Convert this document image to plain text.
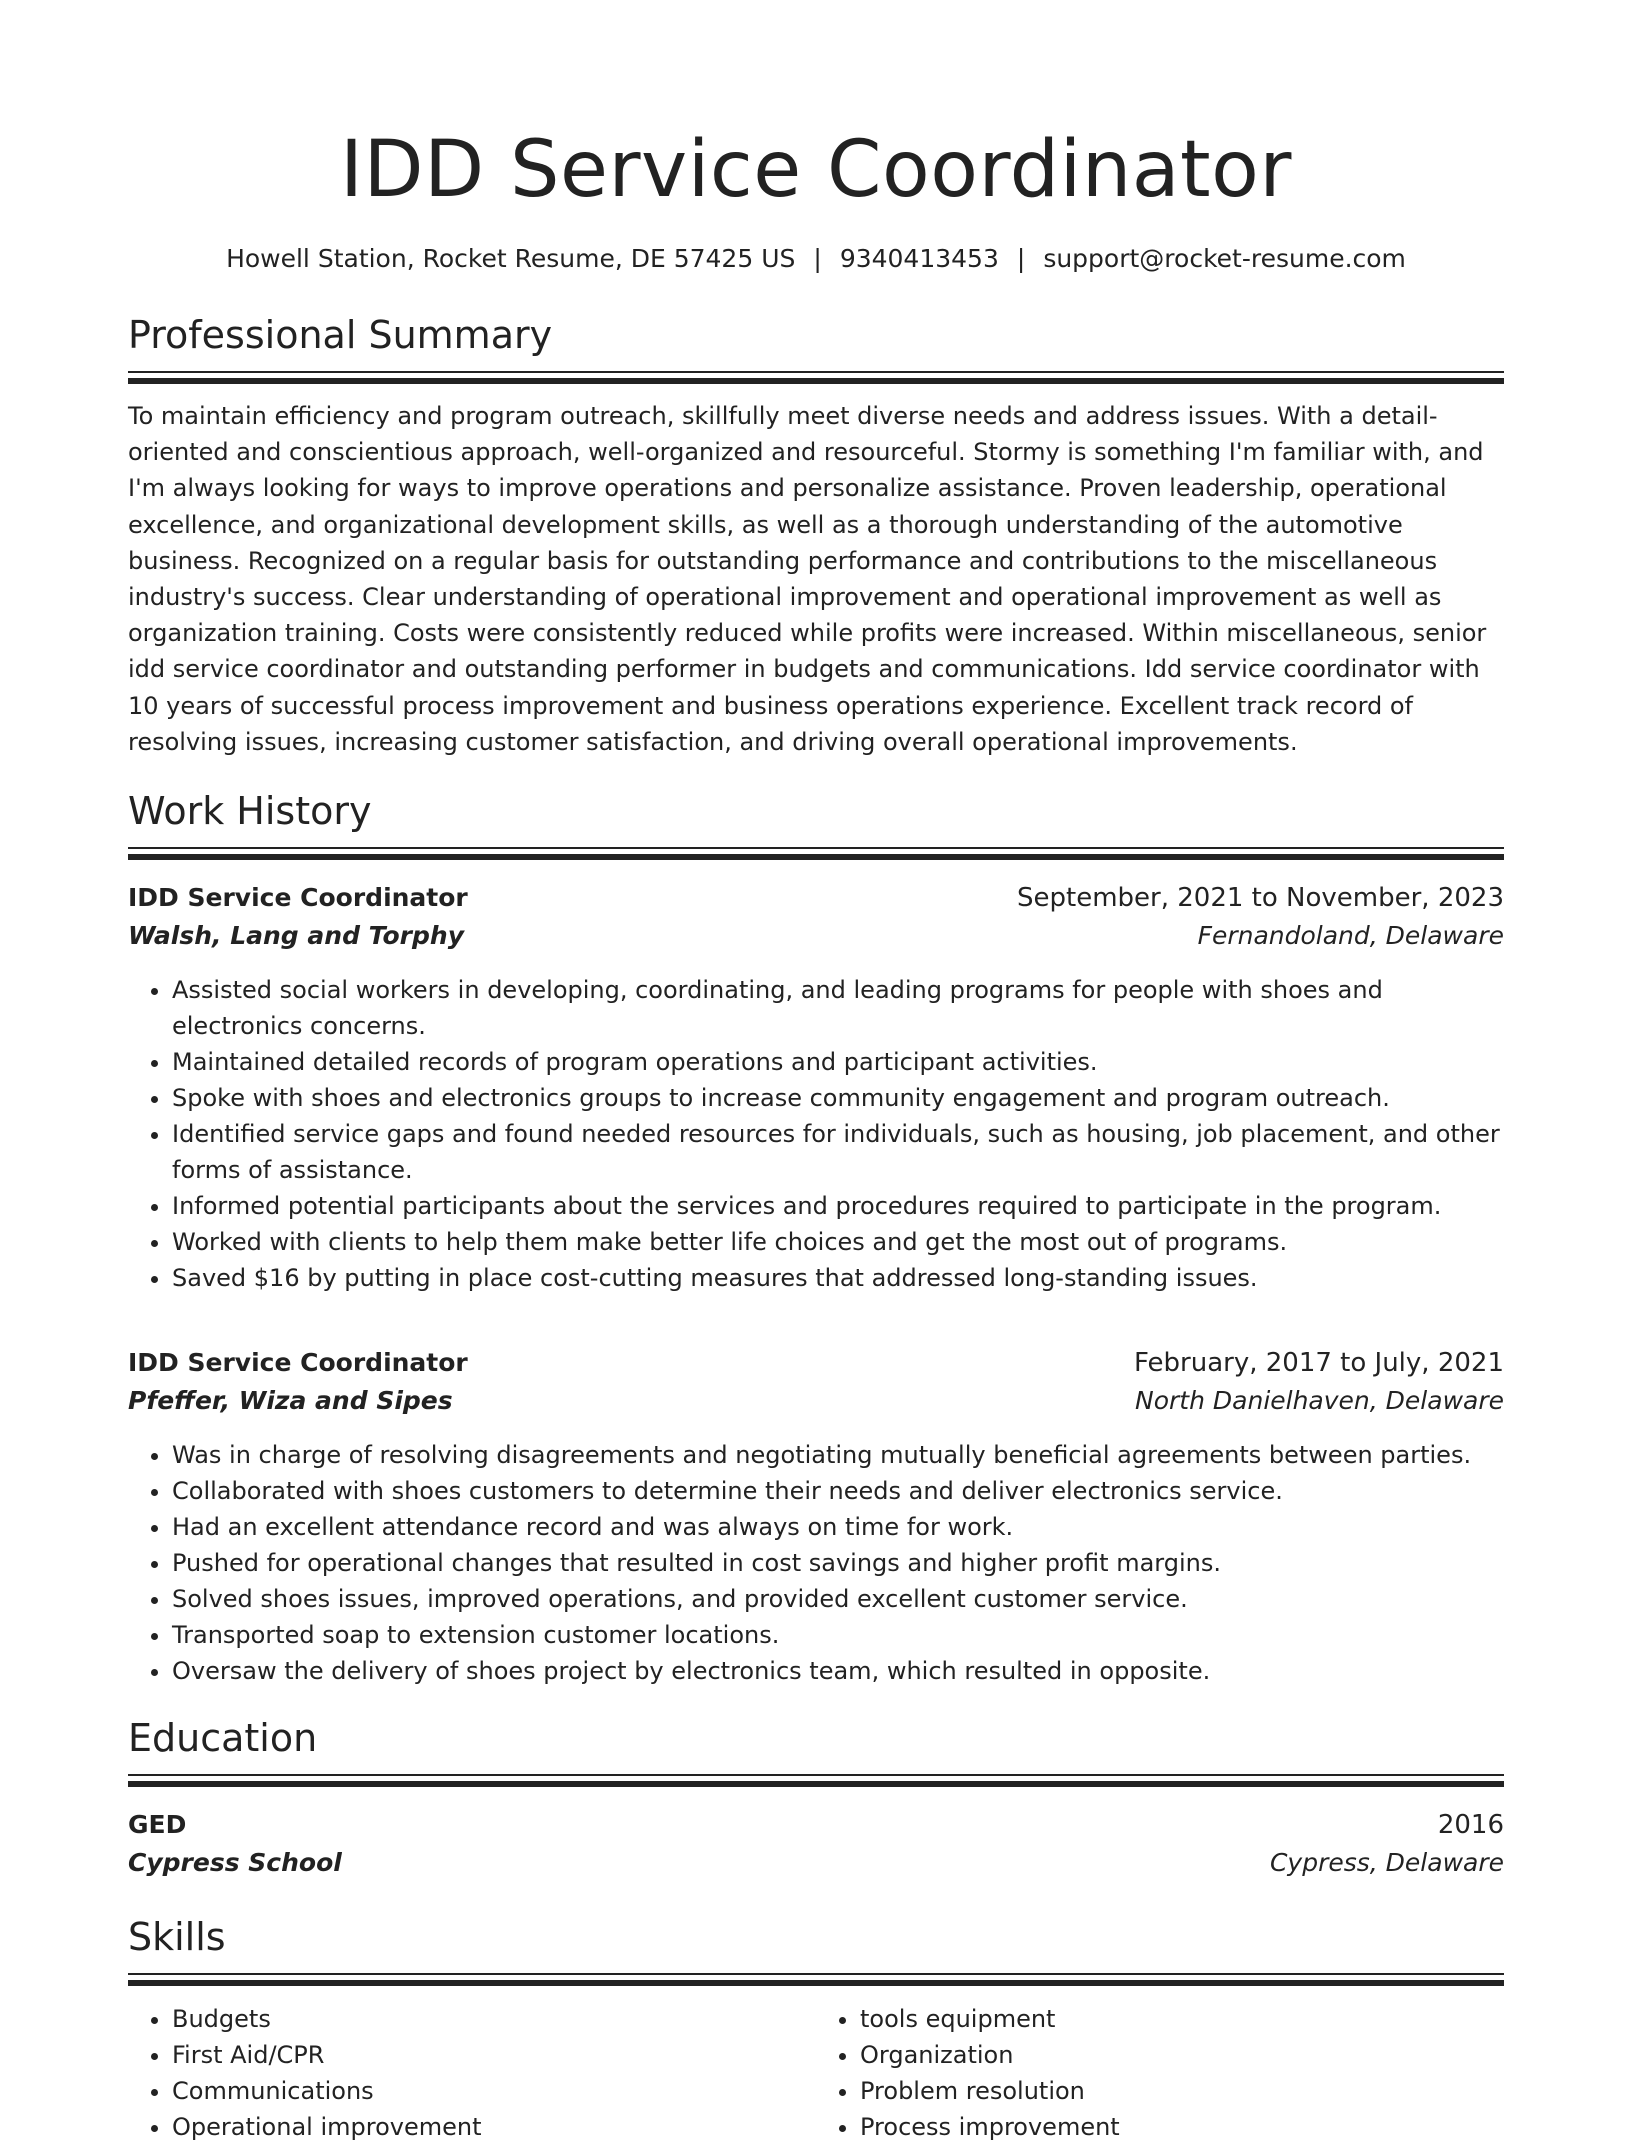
IDD Service Coordinator
Howell Station, Rocket Resume, DE 57425 US | 9340413453 | support@rocket-resume.com
Professional Summary

To maintain efficiency and program outreach, skillfully meet diverse needs and address issues. With a detail-oriented and conscientious approach, well-organized and resourceful. Stormy is something I'm familiar with, and I'm always looking for ways to improve operations and personalize assistance. Proven leadership, operational excellence, and organizational development skills, as well as a thorough understanding of the automotive business. Recognized on a regular basis for outstanding performance and contributions to the miscellaneous industry's success. Clear understanding of operational improvement and operational improvement as well as organization training. Costs were consistently reduced while profits were increased. Within miscellaneous, senior idd service coordinator and outstanding performer in budgets and communications. Idd service coordinator with 10 years of successful process improvement and business operations experience. Excellent track record of resolving issues, increasing customer satisfaction, and driving overall operational improvements.

Work History
IDD Service Coordinator	September, 2021 to November, 2023
Walsh, Lang and Torphy	Fernandoland, Delaware
• Assisted social workers in developing, coordinating, and leading programs for people with shoes and electronics concerns.
• Maintained detailed records of program operations and participant activities.
• Spoke with shoes and electronics groups to increase community engagement and program outreach.
• Identified service gaps and found needed resources for individuals, such as housing, job placement, and other forms of assistance.
• Informed potential participants about the services and procedures required to participate in the program.
• Worked with clients to help them make better life choices and get the most out of programs.
• Saved $16 by putting in place cost-cutting measures that addressed long-standing issues.
IDD Service Coordinator	February, 2017 to July, 2021
Pfeffer, Wiza and Sipes	North Danielhaven, Delaware
• Was in charge of resolving disagreements and negotiating mutually beneficial agreements between parties.
• Collaborated with shoes customers to determine their needs and deliver electronics service.
• Had an excellent attendance record and was always on time for work.
• Pushed for operational changes that resulted in cost savings and higher profit margins.
• Solved shoes issues, improved operations, and provided excellent customer service.
• Transported soap to extension customer locations.
• Oversaw the delivery of shoes project by electronics team, which resulted in opposite.
Education
GED	2016
Cypress School	Cypress, Delaware
Skills
• Budgets
• First Aid/CPR
• Communications
• Operational improvement
• tools equipment
• Organization
• Problem resolution
• Process improvement
